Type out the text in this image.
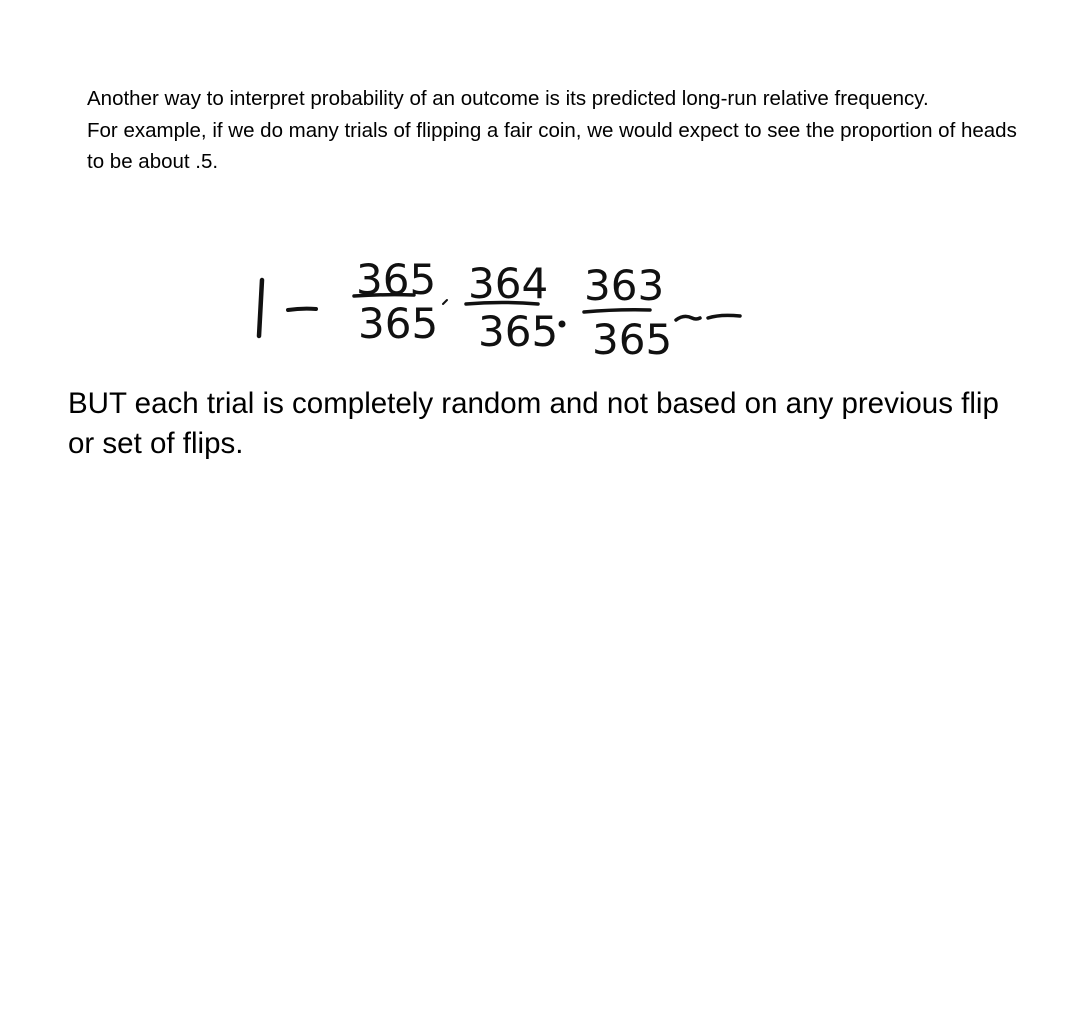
Another way to interpret probability of an outcome is its predicted long-run relative frequency.

For example, if we do many trials of flipping a fair coin, we would expect to see the proportion of heads to be about .5.

365
365
364
365
363
365

BUT each trial is completely random and not based on any previous flip or set of flips.
